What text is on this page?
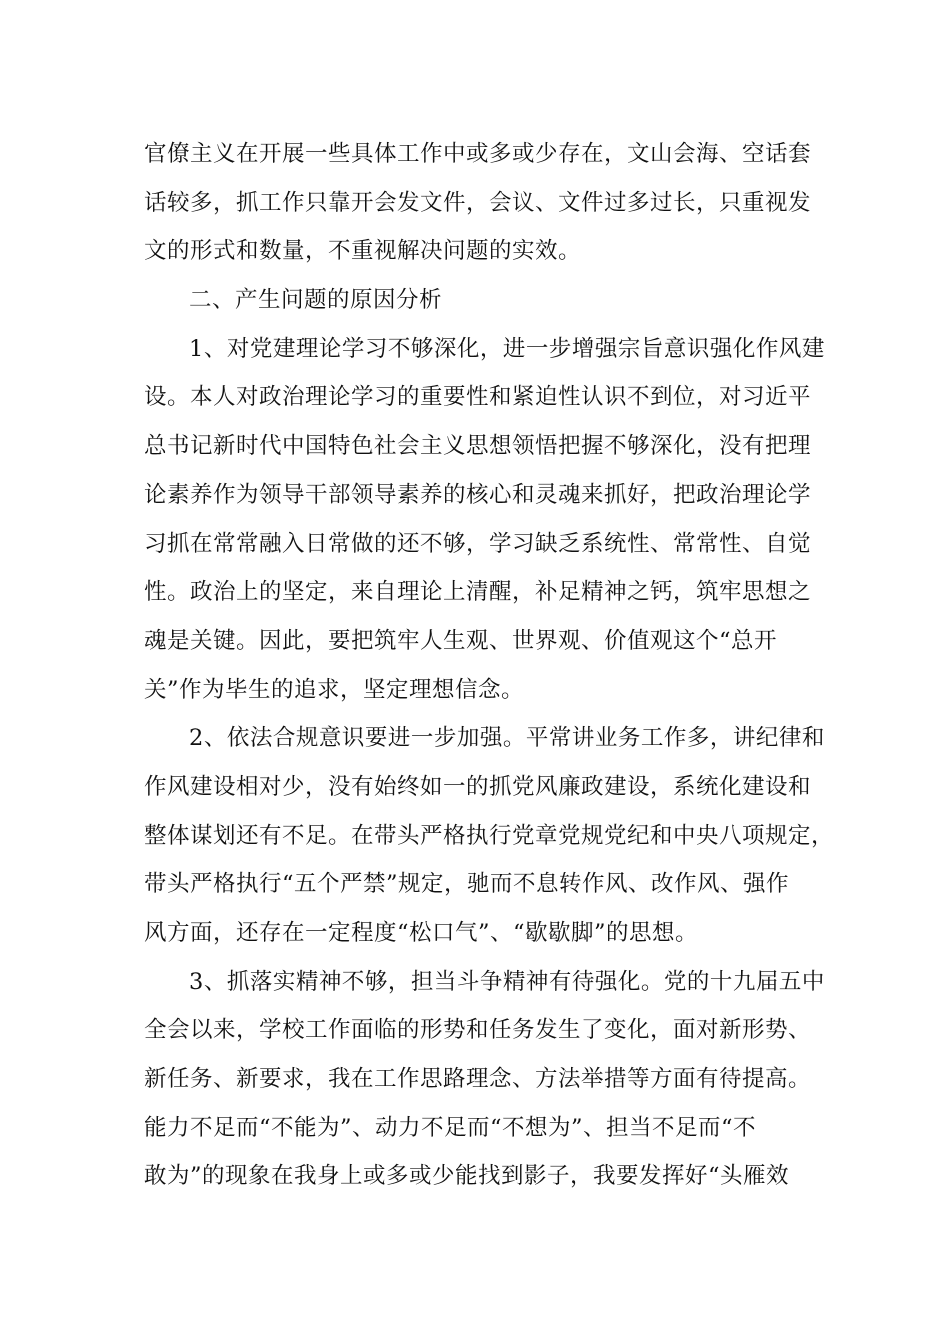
官僚主义在开展一些具体工作中或多或少存在，文山会海、空话套
话较多，抓工作只靠开会发文件，会议、文件过多过长，只重视发
文的形式和数量，不重视解决问题的实效。
二、产生问题的原因分析
1、对党建理论学习不够深化，进一步增强宗旨意识强化作风建
设。本人对政治理论学习的重要性和紧迫性认识不到位，对习近平
总书记新时代中国特色社会主义思想领悟把握不够深化，没有把理
论素养作为领导干部领导素养的核心和灵魂来抓好，把政治理论学
习抓在常常融入日常做的还不够，学习缺乏系统性、常常性、自觉
性。政治上的坚定，来自理论上清醒，补足精神之钙，筑牢思想之
魂是关键。因此，要把筑牢人生观、世界观、价值观这个“总开
关”作为毕生的追求，坚定理想信念。
2、依法合规意识要进一步加强。平常讲业务工作多，讲纪律和
作风建设相对少，没有始终如一的抓党风廉政建设，系统化建设和
整体谋划还有不足。在带头严格执行党章党规党纪和中央八项规定，
带头严格执行“五个严禁”规定，驰而不息转作风、改作风、强作
风方面，还存在一定程度“松口气”、“歇歇脚”的思想。
3、抓落实精神不够，担当斗争精神有待强化。党的十九届五中
全会以来，学校工作面临的形势和任务发生了变化，面对新形势、
新任务、新要求，我在工作思路理念、方法举措等方面有待提高。
能力不足而“不能为”、动力不足而“不想为”、担当不足而“不
敢为”的现象在我身上或多或少能找到影子，我要发挥好“头雁效
